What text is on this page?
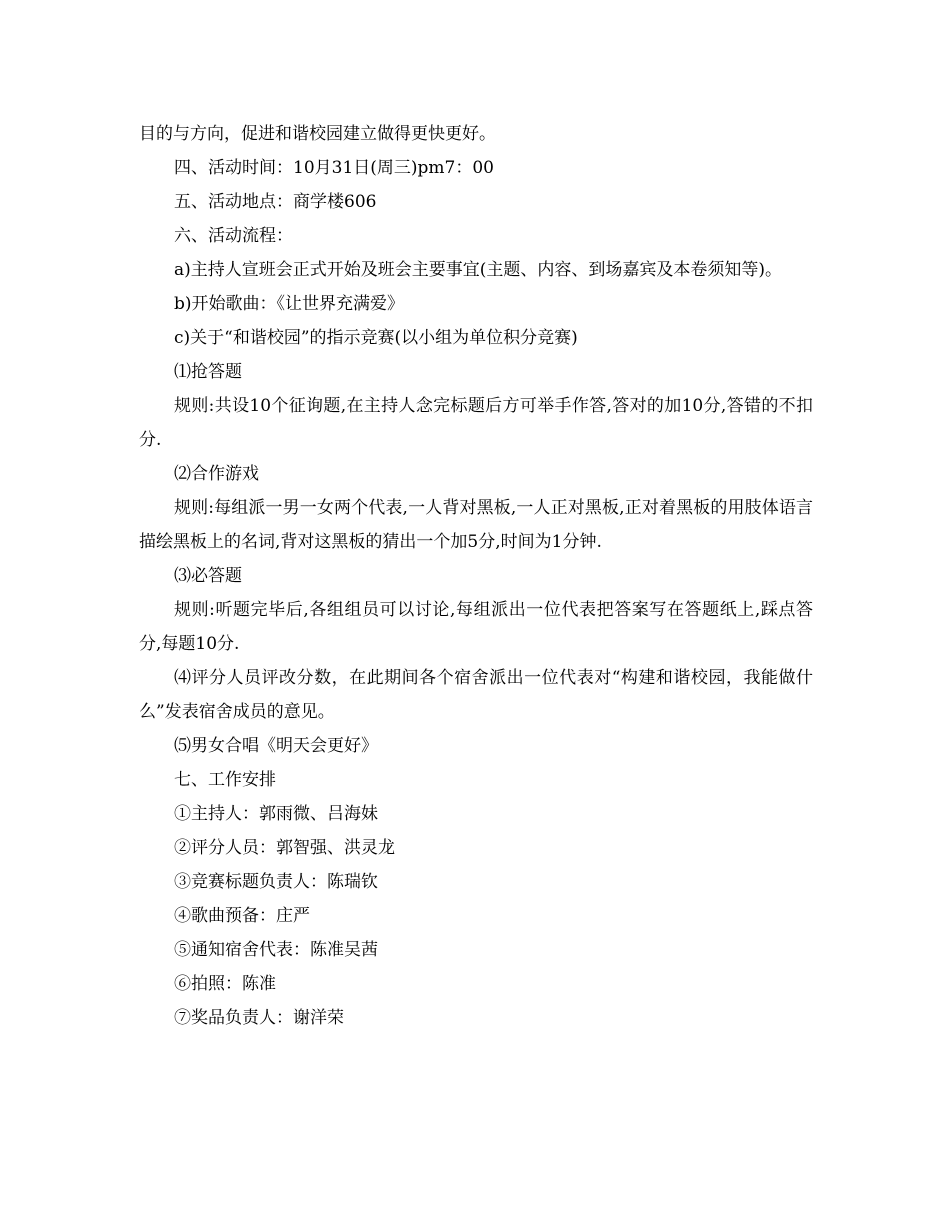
目的与方向，促进和谐校园建立做得更快更好。

四、活动时间：10月31日(周三)pm7：00

五、活动地点：商学楼606

六、活动流程：

a)主持人宣班会正式开始及班会主要事宜(主题、内容、到场嘉宾及本卷须知等)。

b)开始歌曲：《让世界充满爱》

c)关于“和谐校园”的指示竞赛(以小组为单位积分竞赛)

⑴抢答题

规则:共设10个征询题,在主持人念完标题后方可举手作答,答对的加10分,答错的不扣分.

⑵合作游戏

规则:每组派一男一女两个代表,一人背对黑板,一人正对黑板,正对着黑板的用肢体语言描绘黑板上的名词,背对这黑板的猜出一个加5分,时间为1分钟.

⑶必答题

规则:听题完毕后,各组组员可以讨论,每组派出一位代表把答案写在答题纸上,踩点答分,每题10分.

⑷评分人员评改分数，在此期间各个宿舍派出一位代表对“构建和谐校园，我能做什么”发表宿舍成员的意见。

⑸男女合唱《明天会更好》

七、工作安排

①主持人：郭雨微、吕海妹

②评分人员：郭智强、洪灵龙

③竞赛标题负责人：陈瑞钦

④歌曲预备：庄严

⑤通知宿舍代表：陈准吴茜

⑥拍照：陈准

⑦奖品负责人：谢洋荣
